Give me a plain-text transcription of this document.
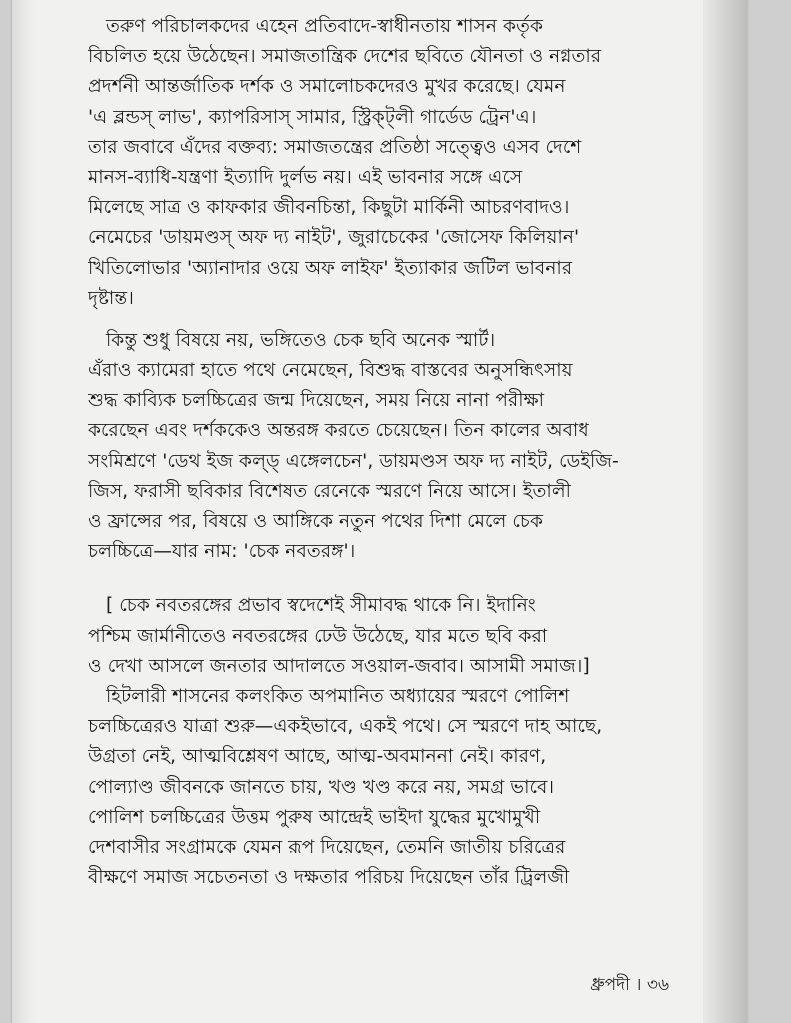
তরুণ পরিচালকদের এহেন প্রতিবাদে-স্বাধীনতায় শাসন কর্তৃক
বিচলিত হয়ে উঠেছেন। সমাজতান্ত্রিক দেশের ছবিতে যৌনতা ও নগ্নতার
প্রদর্শনী আন্তর্জাতিক দর্শক ও সমালোচকদেরও মুখর করেছে। যেমন
'এ ব্লন্ডস্ লাভ', ক্যাপরিসাস্ সামার, স্ট্রিক্ট্লী গার্ডেড ট্রেন'এ।
তার জবাবে এঁদের বক্তব্য: সমাজতন্ত্রের প্রতিষ্ঠা সত্ত্বেও এসব দেশে
মানস-ব্যাধি-যন্ত্রণা ইত্যাদি দুর্লভ নয়। এই ভাবনার সঙ্গে এসে
মিলেছে সাত্র ও কাফকার জীবনচিন্তা, কিছুটা মার্কিনী আচরণবাদও।
নেমেচের 'ডায়মণ্ডস্ অফ দ্য নাইট', জুরাচেকের 'জোসেফ কিলিয়ান'
খিতিলোভার 'অ্যানাদার ওয়ে অফ লাইফ' ইত্যাকার জটিল ভাবনার
দৃষ্টান্ত।
কিন্তু শুধু বিষয়ে নয়, ভঙ্গিতেও চেক ছবি অনেক স্মার্ট।
এঁরাও ক্যামেরা হাতে পথে নেমেছেন, বিশুদ্ধ বাস্তবের অনুসন্ধিৎসায়
শুদ্ধ কাব্যিক চলচ্চিত্রের জন্ম দিয়েছেন, সময় নিয়ে নানা পরীক্ষা
করেছেন এবং দর্শককেও অন্তরঙ্গ করতে চেয়েছেন। তিন কালের অবাধ
সংমিশ্রণে 'ডেথ ইজ কল্ড্ এঙ্গেলচেন', ডায়মণ্ডস অফ দ্য নাইট, ডেইজি-
জিস, ফরাসী ছবিকার বিশেষত রেনেকে স্মরণে নিয়ে আসে। ইতালী
ও ফ্রান্সের পর, বিষয়ে ও আঙ্গিকে নতুন পথের দিশা মেলে চেক
চলচ্চিত্রে—যার নাম: 'চেক নবতরঙ্গ'।
[ চেক নবতরঙ্গের প্রভাব স্বদেশেই সীমাবদ্ধ থাকে নি। ইদানিং
পশ্চিম জার্মানীতেও নবতরঙ্গের ঢেউ উঠেছে, যার মতে ছবি করা
ও দেখা আসলে জনতার আদালতে সওয়াল-জবাব। আসামী সমাজ।]
হিটলারী শাসনের কলংকিত অপমানিত অধ্যায়ের স্মরণে পোলিশ
চলচ্চিত্রেরও যাত্রা শুরু—একইভাবে, একই পথে। সে স্মরণে দাহ আছে,
উগ্রতা নেই, আত্মবিশ্লেষণ আছে, আত্ম-অবমাননা নেই। কারণ,
পোল্যাণ্ড জীবনকে জানতে চায়, খণ্ড খণ্ড করে নয়, সমগ্র ভাবে।
পোলিশ চলচ্চিত্রের উত্তম পুরুষ আন্দ্রেই ভাইদা যুদ্ধের মুখোমুখী
দেশবাসীর সংগ্রামকে যেমন রূপ দিয়েছেন, তেমনি জাতীয় চরিত্রের
বীক্ষণে সমাজ সচেতনতা ও দক্ষতার পরিচয় দিয়েছেন তাঁর ট্রিলজী
ধ্রুপদী । ৩৬
